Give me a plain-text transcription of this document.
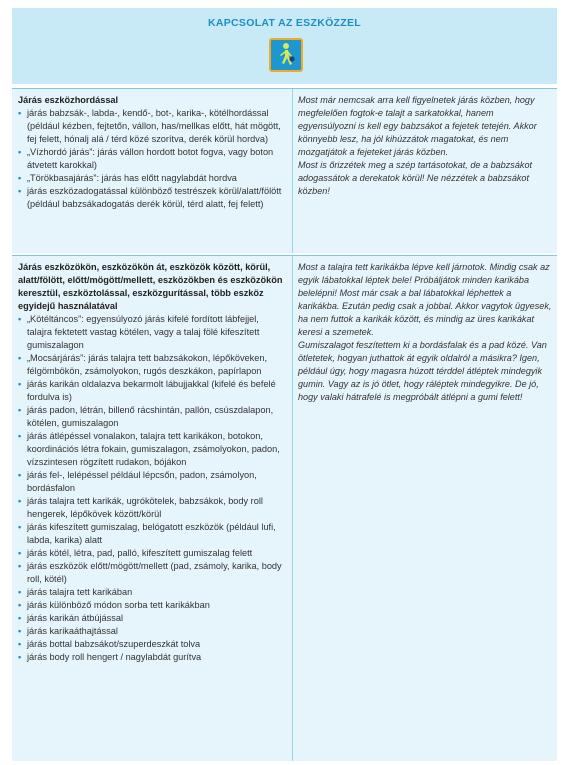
KAPCSOLAT AZ ESZKÖZZEL

Járás eszközhordással

• járás babzsák-, labda-, kendő-, bot-, karika-, kötélhordással (például kézben, fejtetőn, vállon, has/mellkas előtt, hát mögött, fej felett, hónalj alá / térd közé szorítva, derék körül hordva)
• „Vízhordó járás”: járás vállon hordott botot fogva, vagy boton átvetett karokkal)
• „Törökbasajárás”: járás has előtt nagylabdát hordva
• járás eszközadogatással különböző testrészek körül/alatt/fölött (például babzsákadogatás derék körül, térd alatt, fej felett)

Most már nemcsak arra kell figyelnetek járás közben, hogy megfelelően fogtok-e talajt a sarkatokkal, hanem egyensúlyozni is kell egy babzsákot a fejetek tetején. Akkor könnyebb lesz, ha jól kihúzzátok magatokat, és nem mozgatjátok a fejeteket járás közben.

Most is őrizzétek meg a szép tartásotokat, de a babzsákot adogassátok a derekatok körül! Ne nézzétek a babzsákot közben!

Járás eszközökön, eszközökön át, eszközök között, körül, alatt/fölött, előtt/mögött/mellett, eszközökben és eszközökön keresztül, eszköztolással, eszközgurítással, több eszköz egyidejű használatával

• „Kötéltáncos”: egyensúlyozó járás kifelé fordított lábfejjel, talajra fektetett vastag kötélen, vagy a talaj fölé kifeszített gumiszalagon
• „Mocsárjárás”: járás talajra tett babzsákokon, lépőköveken, félgömbökön, zsámolyokon, rugós deszkákon, papírlapon
• járás karikán oldalazva bekarmolt lábujjakkal (kifelé és befelé fordulva is)
• járás padon, létrán, billenő rácshintán, pallón, csúszdalapon, kötélen, gumiszalagon
• járás átlépéssel vonalakon, talajra tett karikákon, botokon, koordinációs létra fokain, gumiszalagon, zsámolyokon, padon, vízszintesen rögzített rudakon, bójákon
• járás fel-, lelépéssel például lépcsőn, padon, zsámolyon, bordásfalon
• járás talajra tett karikák, ugrókötelek, babzsákok, body roll hengerek, lépőkövek között/körül
• járás kifeszített gumiszalag, belógatott eszközök (például lufi, labda, karika) alatt
• járás kötél, létra, pad, palló, kifeszített gumiszalag felett
• járás eszközök előtt/mögött/mellett (pad, zsámoly, karika, body roll, kötél)
• járás talajra tett karikában
• járás különböző módon sorba tett karikákban
• járás karikán átbújással
• járás karikaáthajtással
• járás bottal babzsákot/szuperdeszkát tolva
• járás body roll hengert / nagylabdát gurítva

Most a talajra tett karikákba lépve kell járnotok. Mindig csak az egyik lábatokkal léptek bele! Próbáljátok minden karikába belelépni! Most már csak a bal lábatokkal léphettek a karikákba. Ezután pedig csak a jobbal. Akkor vagytok ügyesek, ha nem futtok a karikák között, és mindig az üres karikákat keresi a szemetek.

Gumiszalagot feszítettem ki a bordásfalak és a pad közé. Van ötletetek, hogyan juthattok át egyik oldalról a másikra? Igen, például úgy, hogy magasra húzott térddel átléptek mindegyik gumin. Vagy az is jó ötlet, hogy ráléptek mindegyikre. De jó, hogy valaki hátrafelé is megpróbált átlépni a gumi felett!
